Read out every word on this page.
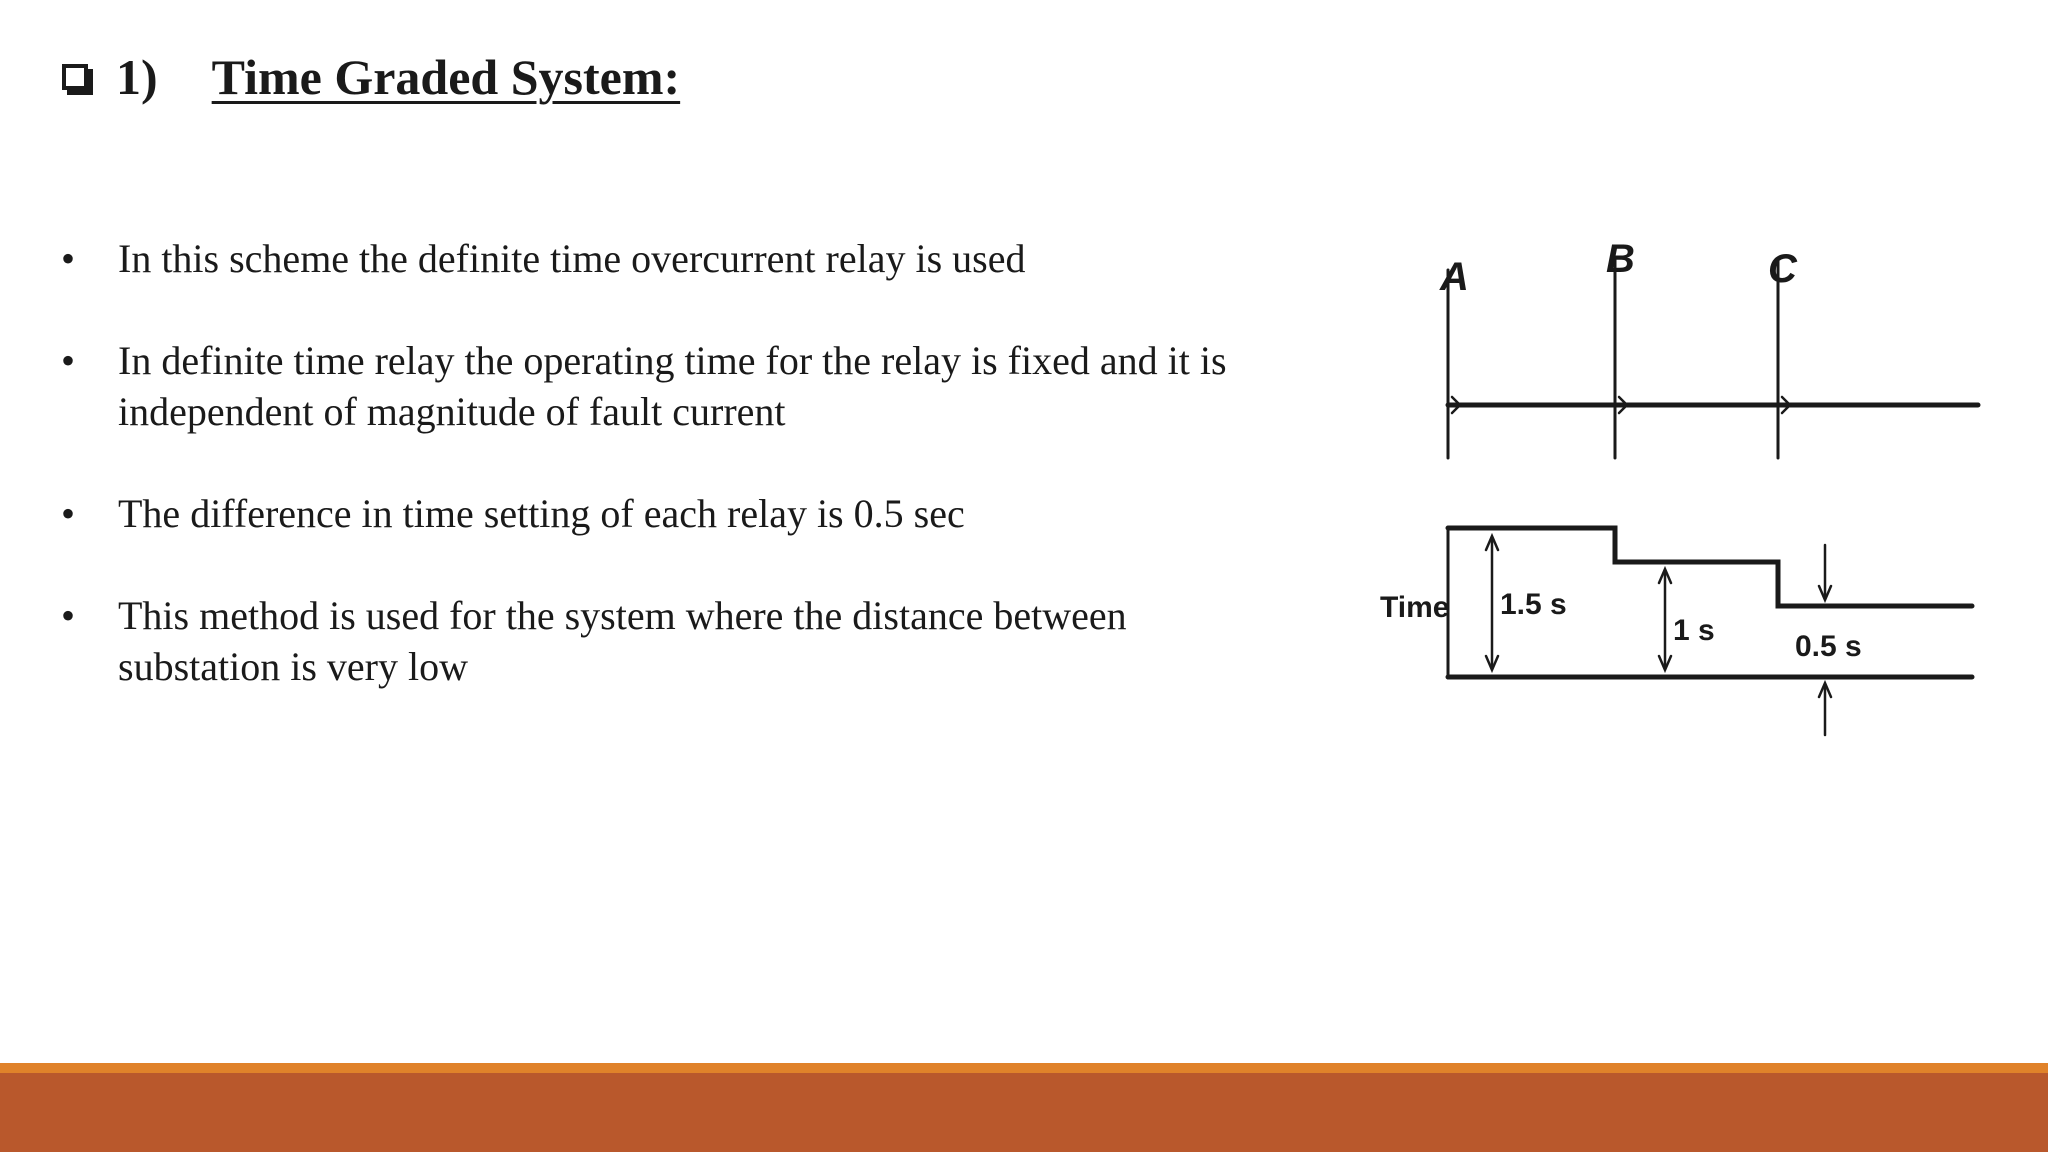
1) Time Graded System:
• In this scheme the definite time overcurrent relay is used
• In definite time relay the operating time for the relay is fixed and it is independent of magnitude of fault current
• The difference in time setting of each relay is 0.5 sec
• This method is used for the system where the distance between substation is very low
A	B	C
Time 1.5 s
1 s	0.5 s
